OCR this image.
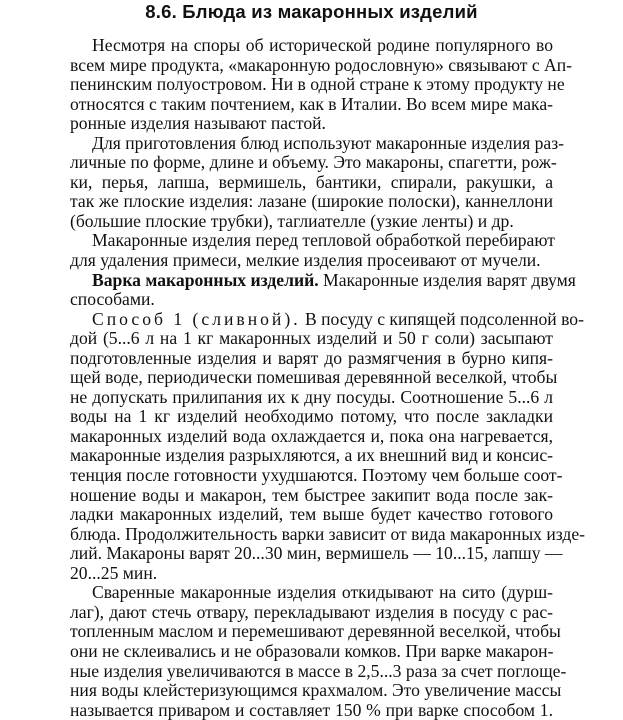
8.6. Блюда из макаронных изделий
Несмотря на споры об исторической родине популярного во
всем мире продукта, «макаронную родословную» связывают с Ап-
пенинским полуостровом. Ни в одной стране к этому продукту не
относятся с таким почтением, как в Италии. Во всем мире мака-
ронные изделия называют пастой.
Для приготовления блюд используют макаронные изделия раз-
личные по форме, длине и объему. Это макароны, спагетти, рож-
ки, перья, лапша, вермишель, бантики, спирали, ракушки, а
так же плоские изделия: лазане (широкие полоски), каннеллони
(большие плоские трубки), таглиателле (узкие ленты) и др.
Макаронные изделия перед тепловой обработкой перебирают
для удаления примеси, мелкие изделия просеивают от мучели.
Варка макаронных изделий. Макаронные изделия варят двумя
способами.
Способ 1 (сливной). В посуду с кипящей подсоленной во-
дой (5...6 л на 1 кг макаронных изделий и 50 г соли) засыпают
подготовленные изделия и варят до размягчения в бурно кипя-
щей воде, периодически помешивая деревянной веселкой, чтобы
не допускать прилипания их к дну посуды. Соотношение 5...6 л
воды на 1 кг изделий необходимо потому, что после закладки
макаронных изделий вода охлаждается и, пока она нагревается,
макаронные изделия разрыхляются, а их внешний вид и консис-
тенция после готовности ухудшаются. Поэтому чем больше соот-
ношение воды и макарон, тем быстрее закипит вода после зак-
ладки макаронных изделий, тем выше будет качество готового
блюда. Продолжительность варки зависит от вида макаронных изде-
лий. Макароны варят 20...30 мин, вермишель — 10...15, лапшу —
20...25 мин.
Сваренные макаронные изделия откидывают на сито (дурш-
лаг), дают стечь отвару, перекладывают изделия в посуду с рас-
топленным маслом и перемешивают деревянной веселкой, чтобы
они не склеивались и не образовали комков. При варке макарон-
ные изделия увеличиваются в массе в 2,5...3 раза за счет поглоще-
ния воды клейстеризующимся крахмалом. Это увеличение массы
называется приваром и составляет 150 % при варке способом 1.
